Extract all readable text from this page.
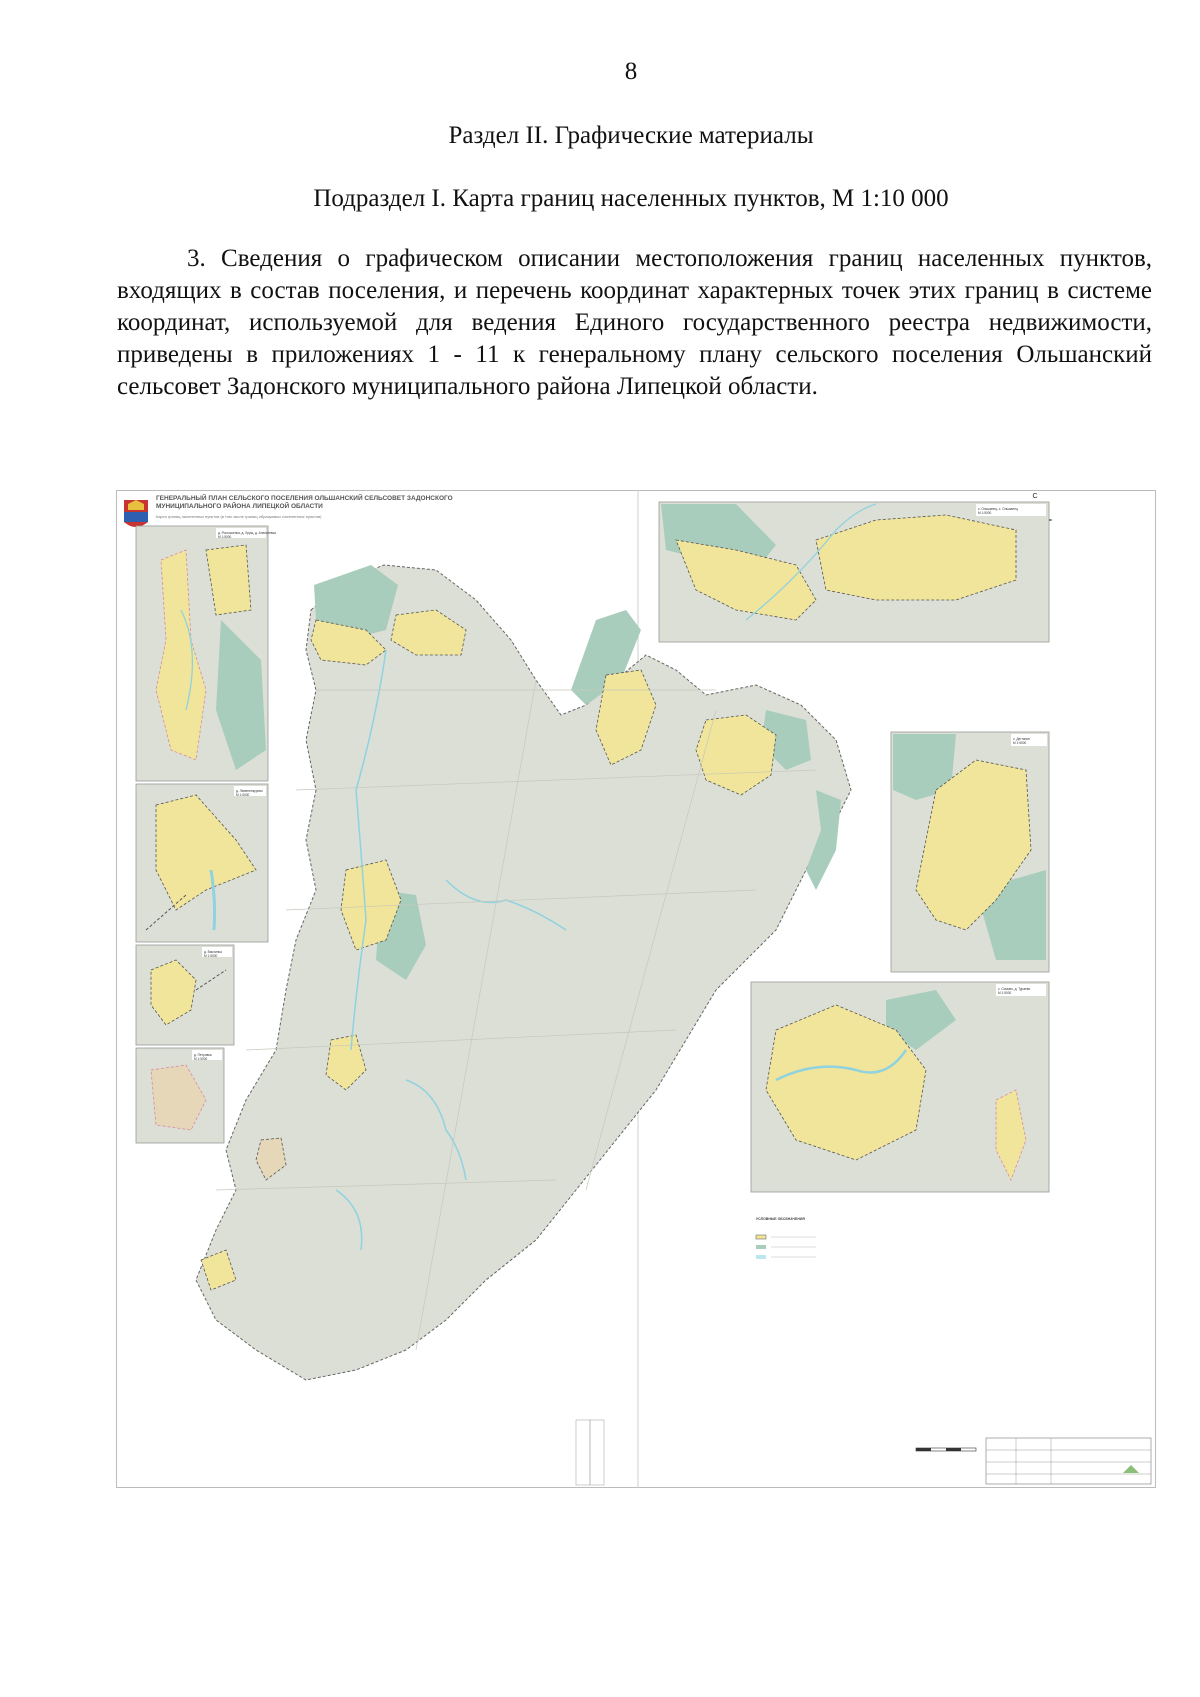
8
Раздел II. Графические материалы
Подраздел I. Карта границ населенных пунктов, М 1:10 000

3. Сведения о графическом описании местоположения границ населенных пунктов, входящих в состав поселения, и перечень координат характерных точек этих границ в системе координат, используемой для ведения Единого государственного реестра недвижимости, приведены в приложениях 1 - 11 к генеральному плану сельского поселения Ольшанский сельсовет Задонского муниципального района Липецкой области.

ГЕНЕРАЛЬНЫЙ ПЛАН СЕЛЬСКОГО ПОСЕЛЕНИЯ ОЛЬШАНСКИЙ СЕЛЬСОВЕТ ЗАДОНСКОГО
МУНИЦИПАЛЬНОГО РАЙОНА ЛИПЕЦКОЙ ОБЛАСТИ
Карта границ населенных пунктов (в том числе границ образуемых населенных пунктов)
С
д. Россошенка, д. Хрущ, д. Алексеевка
М 1:5000
д. Лемененкурово
М 1:5000
д. Вислинка
М 1:5000
д. Петровка
М 1:5000
с. Ольшанец, с. Ольшанец
М 1:5000
с. Дегтяное
М 1:5000
с. Сомово, д. Тураево
М 1:5000
УСЛОВНЫЕ ОБОЗНАЧЕНИЯ
